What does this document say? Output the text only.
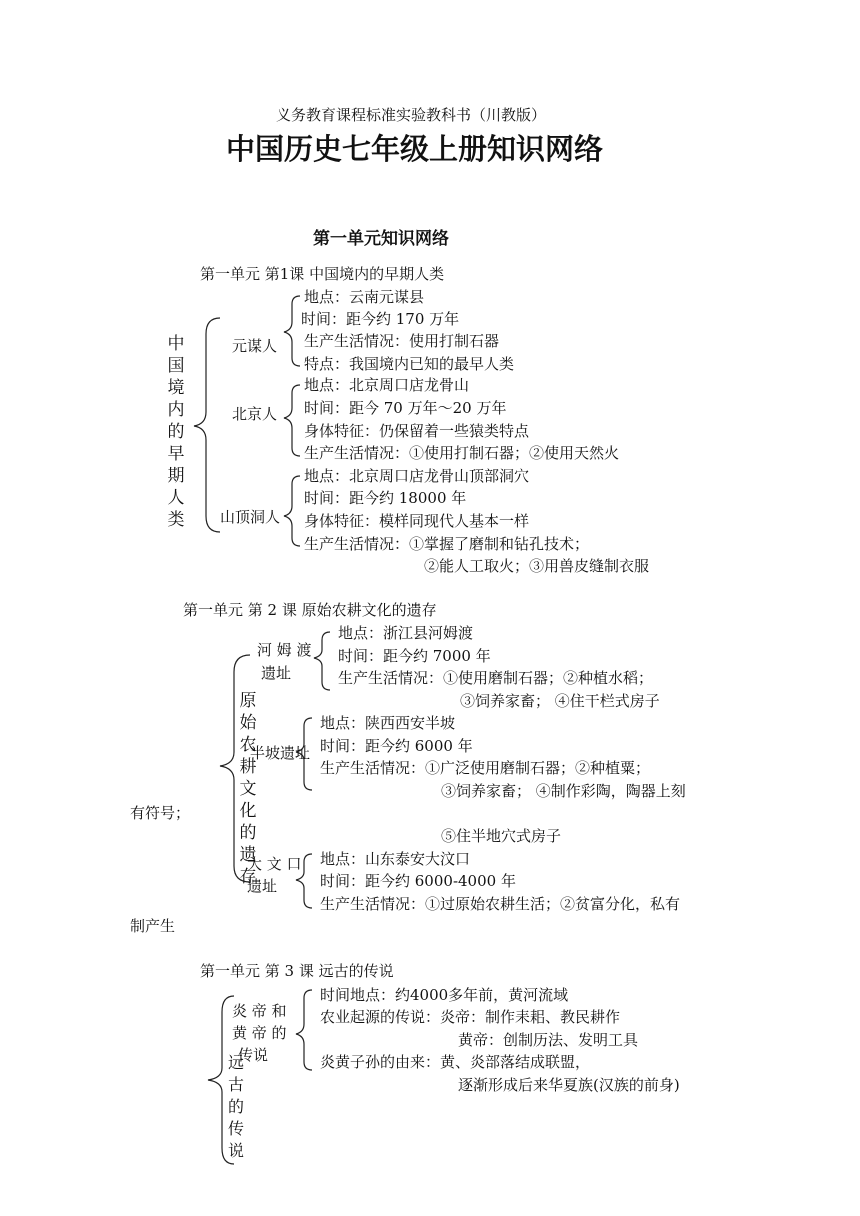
义务教育课程标准实验教科书（川教版）
中国历史七年级上册知识网络
第一单元知识网络
第一单元 第1课 中国境内的早期人类
中国境内的早期人类
元谋人
地点：云南元谋县
时间：距今约 170 万年
生产生活情况：使用打制石器
特点：我国境内已知的最早人类
北京人
地点：北京周口店龙骨山
时间：距今 70 万年～20 万年
身体特征：仍保留着一些猿类特点
生产生活情况：①使用打制石器；②使用天然火
山顶洞人
地点：北京周口店龙骨山顶部洞穴
时间：距今约 18000 年
身体特征：模样同现代人基本一样
生产生活情况：①掌握了磨制和钻孔技术；
②能人工取火；③用兽皮缝制衣服
第一单元 第 2 课 原始农耕文化的遗存
原始农耕文化的遗存
河 姆 渡
遗址
地点：浙江县河姆渡
时间：距今约 7000 年
生产生活情况：①使用磨制石器；②种植水稻；
③饲养家畜； ④住干栏式房子
半坡遗址
地点：陕西西安半坡
时间：距今约 6000 年
生产生活情况：①广泛使用磨制石器；②种植粟；
③饲养家畜； ④制作彩陶，陶器上刻
有符号；
⑤住半地穴式房子
大 文 口
遗址
地点：山东泰安大汶口
时间：距今约 6000-4000 年
生产生活情况：①过原始农耕生活；②贫富分化，私有
制产生
第一单元 第 3 课 远古的传说
远古的传说
炎 帝 和
黄 帝 的
传说
时间地点：约4000多年前，黄河流域
农业起源的传说：炎帝：制作耒耜、教民耕作
黄帝：创制历法、发明工具
炎黄子孙的由来：黄、炎部落结成联盟，
逐渐形成后来华夏族(汉族的前身)
